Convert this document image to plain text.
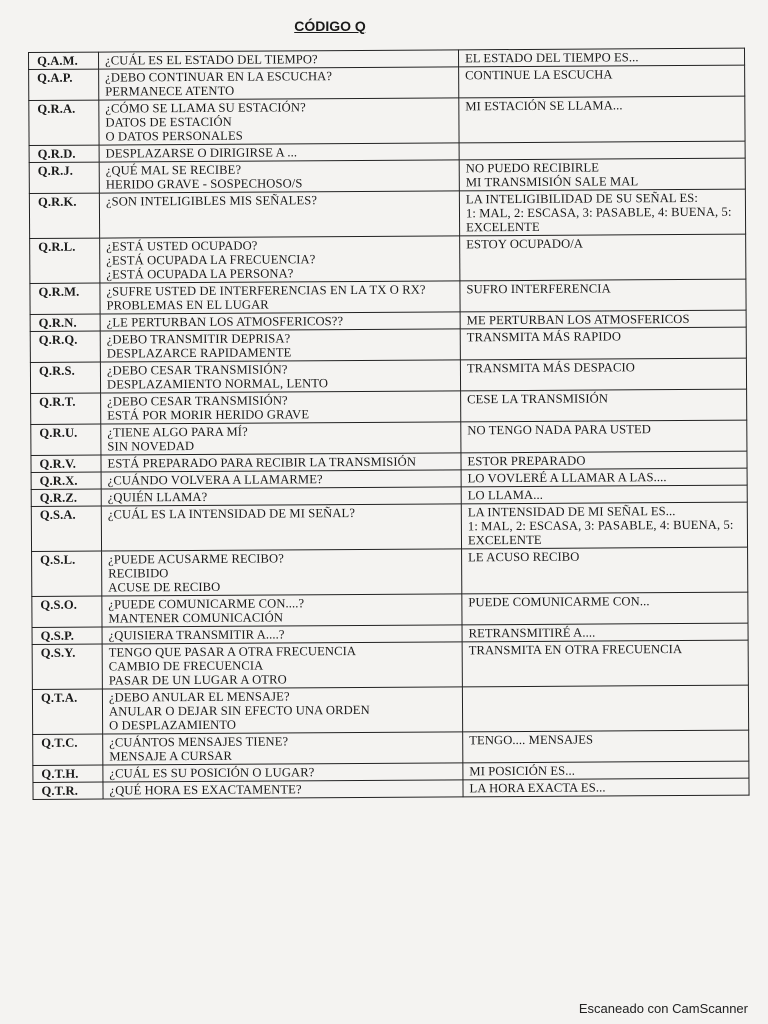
CÓDIGO Q
Q.A.M.	¿CUÁL ES EL ESTADO DEL TIEMPO?	EL ESTADO DEL TIEMPO ES...

Q.A.P.	¿DEBO CONTINUAR EN LA ESCUCHA?
PERMANECE ATENTO	CONTINUE LA ESCUCHA

Q.R.A.	¿CÓMO SE LLAMA SU ESTACIÓN?
DATOS DE ESTACIÓN
O DATOS PERSONALES	MI ESTACIÓN SE LLAMA...

Q.R.D.	DESPLAZARSE O DIRIGIRSE A ...	

Q.R.J.	¿QUÉ MAL SE RECIBE?
HERIDO GRAVE - SOSPECHOSO/S	NO PUEDO RECIBIRLE
MI TRANSMISIÓN SALE MAL

Q.R.K.	¿SON INTELIGIBLES MIS SEÑALES?	LA INTELIGIBILIDAD DE SU SEÑAL ES:
1: MAL, 2: ESCASA, 3: PASABLE, 4: BUENA, 5: EXCELENTE

Q.R.L.	¿ESTÁ USTED OCUPADO?
¿ESTÁ OCUPADA LA FRECUENCIA?
¿ESTÁ OCUPADA LA PERSONA?	ESTOY OCUPADO/A

Q.R.M.	¿SUFRE USTED DE INTERFERENCIAS EN LA TX O RX?
PROBLEMAS EN EL LUGAR	SUFRO INTERFERENCIA

Q.R.N.	¿LE PERTURBAN LOS ATMOSFERICOS??	ME PERTURBAN LOS ATMOSFERICOS

Q.R.Q.	¿DEBO TRANSMITIR DEPRISA?
DESPLAZARCE RAPIDAMENTE	TRANSMITA MÁS RAPIDO

Q.R.S.	¿DEBO CESAR TRANSMISIÓN?
DESPLAZAMIENTO NORMAL, LENTO	TRANSMITA MÁS DESPACIO

Q.R.T.	¿DEBO CESAR TRANSMISIÓN?
ESTÁ POR MORIR HERIDO GRAVE	CESE LA TRANSMISIÓN

Q.R.U.	¿TIENE ALGO PARA MÍ?
SIN NOVEDAD	NO TENGO NADA PARA USTED

Q.R.V.	ESTÁ PREPARADO PARA RECIBIR LA TRANSMISIÓN	ESTOR PREPARADO

Q.R.X.	¿CUÁNDO VOLVERA A LLAMARME?	LO VOVLERÉ A LLAMAR A LAS....

Q.R.Z.	¿QUIÉN LLAMA?	LO LLAMA...

Q.S.A.	¿CUÁL ES LA INTENSIDAD DE MI SEÑAL?	LA INTENSIDAD DE MI SEÑAL ES...
1: MAL, 2: ESCASA, 3: PASABLE, 4: BUENA, 5: EXCELENTE

Q.S.L.	¿PUEDE ACUSARME RECIBO?
RECIBIDO
ACUSE DE RECIBO	LE ACUSO RECIBO

Q.S.O.	¿PUEDE COMUNICARME CON....?
MANTENER COMUNICACIÓN	PUEDE COMUNICARME CON...

Q.S.P.	¿QUISIERA TRANSMITIR A....?	RETRANSMITIRÉ A....

Q.S.Y.	TENGO QUE PASAR A OTRA FRECUENCIA
CAMBIO DE FRECUENCIA
PASAR DE UN LUGAR A OTRO	TRANSMITA EN OTRA FRECUENCIA

Q.T.A.	¿DEBO ANULAR EL MENSAJE?
ANULAR O DEJAR SIN EFECTO UNA ORDEN
O DESPLAZAMIENTO	

Q.T.C.	¿CUÁNTOS MENSAJES TIENE?
MENSAJE A CURSAR	TENGO.... MENSAJES

Q.T.H.	¿CUÁL ES SU POSICIÓN O LUGAR?	MI POSICIÓN ES...

Q.T.R.	¿QUÉ HORA ES EXACTAMENTE?	LA HORA EXACTA ES...
Escaneado con CamScanner
